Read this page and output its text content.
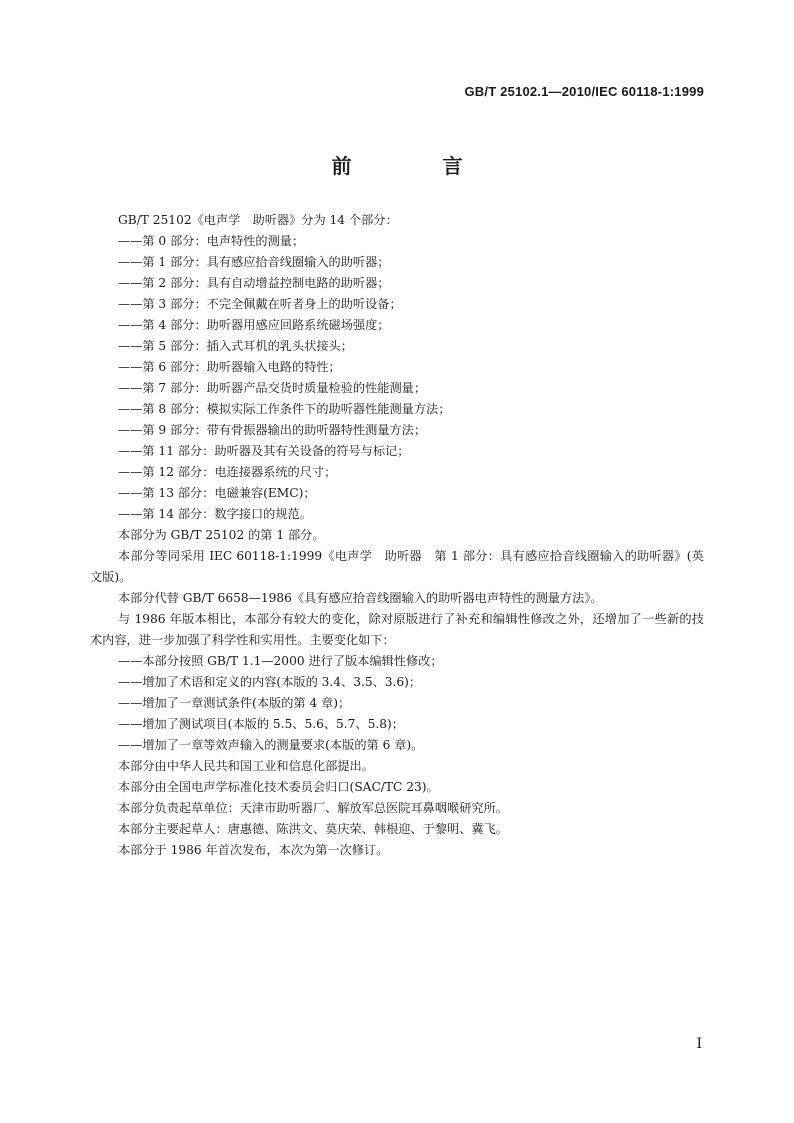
GB/T 25102.1—2010/IEC 60118-1:1999
前 言

GB/T 25102《电声学　助听器》分为 14 个部分：

——第 0 部分：电声特性的测量；

——第 1 部分：具有感应拾音线圈输入的助听器；

——第 2 部分：具有自动增益控制电路的助听器；

——第 3 部分：不完全佩戴在听者身上的助听设备；

——第 4 部分：助听器用感应回路系统磁场强度；

——第 5 部分：插入式耳机的乳头状接头；

——第 6 部分：助听器输入电路的特性；

——第 7 部分：助听器产品交货时质量检验的性能测量；

——第 8 部分：模拟实际工作条件下的助听器性能测量方法；

——第 9 部分：带有骨振器输出的助听器特性测量方法；

——第 11 部分：助听器及其有关设备的符号与标记；

——第 12 部分：电连接器系统的尺寸；

——第 13 部分：电磁兼容(EMC)；

——第 14 部分：数字接口的规范。

本部分为 GB/T 25102 的第 1 部分。

本部分等同采用 IEC 60118-1:1999《电声学　助听器　第 1 部分：具有感应拾音线圈输入的助听器》(英文版)。

本部分代替 GB/T 6658—1986《具有感应拾音线圈输入的助听器电声特性的测量方法》。

与 1986 年版本相比，本部分有较大的变化，除对原版进行了补充和编辑性修改之外，还增加了一些新的技术内容，进一步加强了科学性和实用性。主要变化如下：

——本部分按照 GB/T 1.1—2000 进行了版本编辑性修改；

——增加了术语和定义的内容(本版的 3.4、3.5、3.6)；

——增加了一章测试条件(本版的第 4 章)；

——增加了测试项目(本版的 5.5、5.6、5.7、5.8)；

——增加了一章等效声输入的测量要求(本版的第 6 章)。

本部分由中华人民共和国工业和信息化部提出。

本部分由全国电声学标准化技术委员会归口(SAC/TC 23)。

本部分负责起草单位：天津市助听器厂、解放军总医院耳鼻咽喉研究所。

本部分主要起草人：唐惠德、陈洪文、莫庆荣、韩根迎、于黎明、冀飞。

本部分于 1986 年首次发布，本次为第一次修订。

I
